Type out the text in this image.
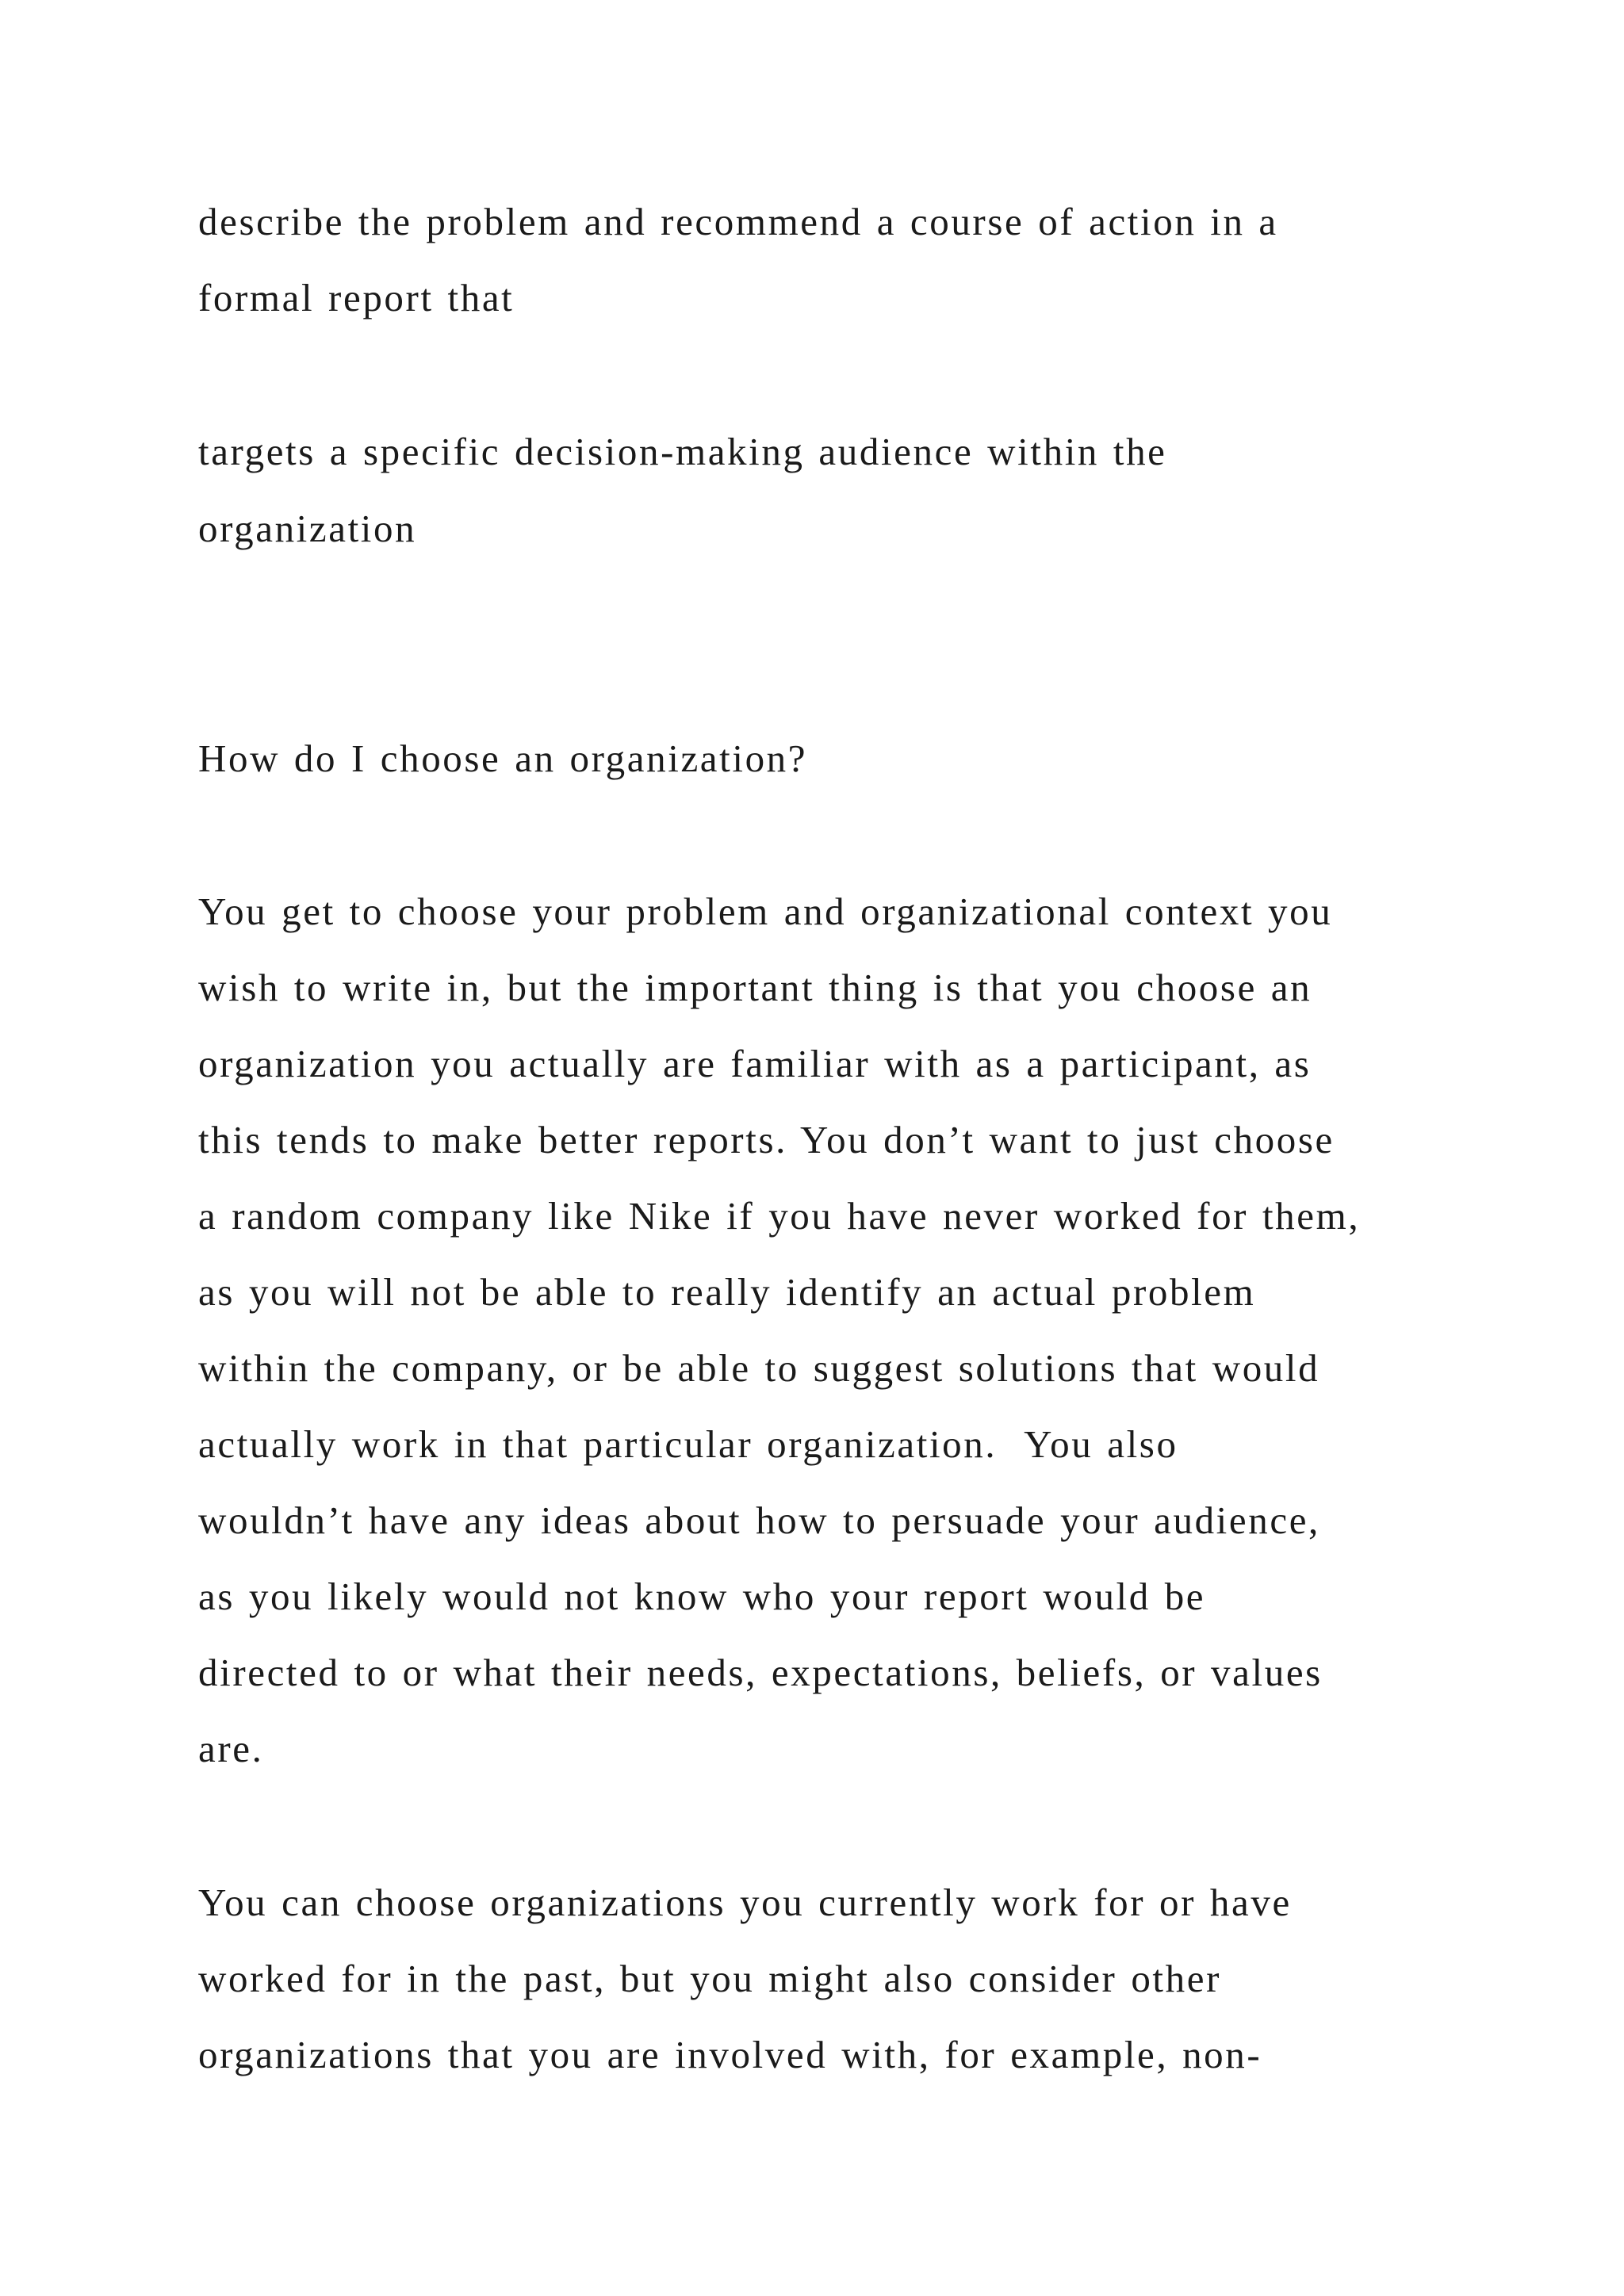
describe the problem and recommend a course of action in a
formal report that
targets a specific decision-making audience within the
organization
How do I choose an organization?
You get to choose your problem and organizational context you
wish to write in, but the important thing is that you choose an
organization you actually are familiar with as a participant, as
this tends to make better reports. You don’t want to just choose
a random company like Nike if you have never worked for them,
as you will not be able to really identify an actual problem
within the company, or be able to suggest solutions that would
actually work in that particular organization.  You also
wouldn’t have any ideas about how to persuade your audience,
as you likely would not know who your report would be
directed to or what their needs, expectations, beliefs, or values
are.
You can choose organizations you currently work for or have
worked for in the past, but you might also consider other
organizations that you are involved with, for example, non-
